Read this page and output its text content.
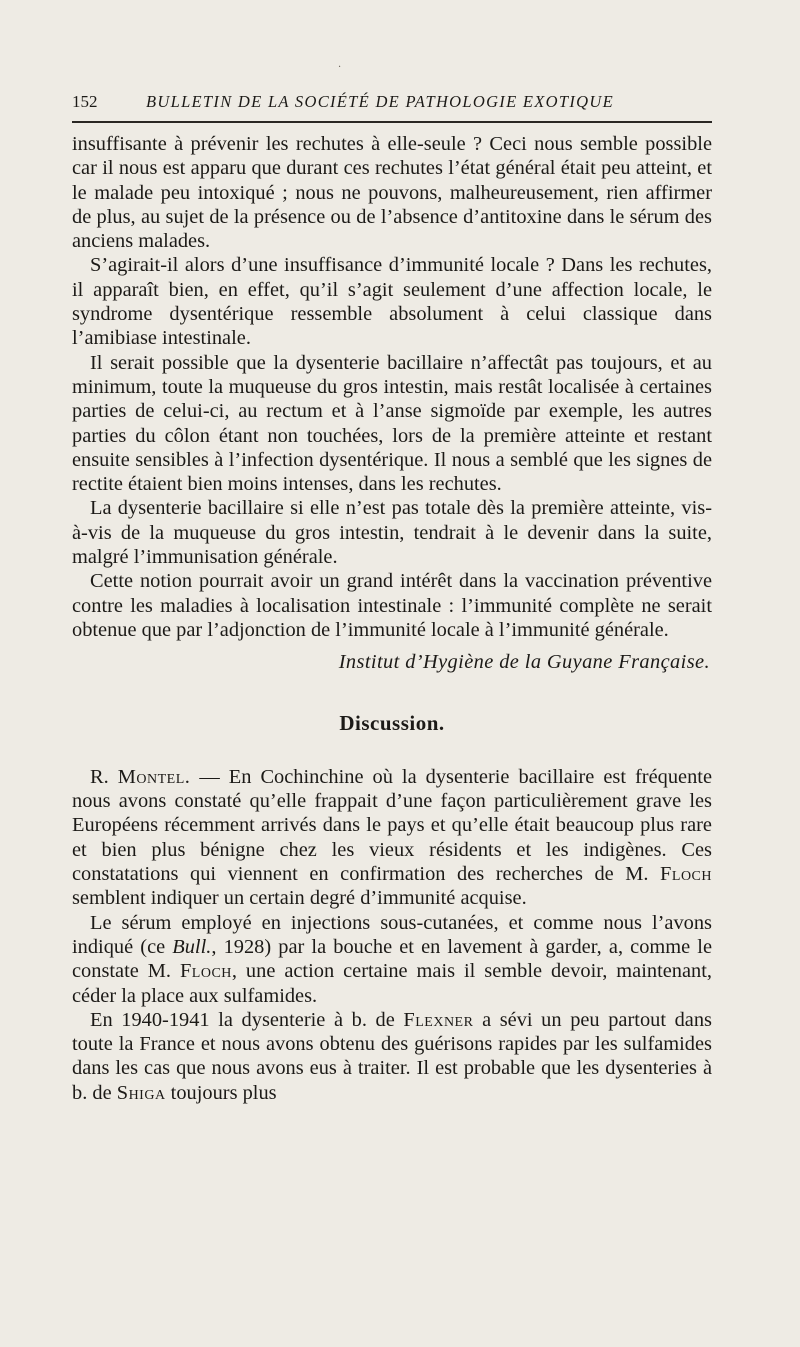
·
152	BULLETIN DE LA SOCIÉTÉ DE PATHOLOGIE EXOTIQUE

insuffisante à prévenir les rechutes à elle-seule ? Ceci nous semble possible car il nous est apparu que durant ces rechutes l’état général était peu atteint, et le malade peu intoxiqué ; nous ne pouvons, malheureusement, rien affirmer de plus, au sujet de la présence ou de l’absence d’antitoxine dans le sérum des anciens malades.

S’agirait-il alors d’une insuffisance d’immunité locale ? Dans les rechutes, il apparaît bien, en effet, qu’il s’agit seulement d’une affection locale, le syndrome dysentérique ressemble absolument à celui classique dans l’amibiase intestinale.

Il serait possible que la dysenterie bacillaire n’affectât pas toujours, et au minimum, toute la muqueuse du gros intestin, mais restât localisée à certaines parties de celui-ci, au rectum et à l’anse sigmoïde par exemple, les autres parties du côlon étant non touchées, lors de la première atteinte et restant ensuite sensibles à l’infection dysentérique. Il nous a semblé que les signes de rectite étaient bien moins intenses, dans les rechutes.

La dysenterie bacillaire si elle n’est pas totale dès la première atteinte, vis-à-vis de la muqueuse du gros intestin, tendrait à le devenir dans la suite, malgré l’immunisation générale.

Cette notion pourrait avoir un grand intérêt dans la vaccination préventive contre les maladies à localisation intestinale : l’immunité complète ne serait obtenue que par l’adjonction de l’immunité locale à l’immunité générale.

Institut d’Hygiène de la Guyane Française.

Discussion.

R. Montel. — En Cochinchine où la dysenterie bacillaire est fréquente nous avons constaté qu’elle frappait d’une façon particulièrement grave les Européens récemment arrivés dans le pays et qu’elle était beaucoup plus rare et bien plus bénigne chez les vieux résidents et les indigènes. Ces constatations qui viennent en confirmation des recherches de M. Floch semblent indiquer un certain degré d’immunité acquise.

Le sérum employé en injections sous-cutanées, et comme nous l’avons indiqué (ce Bull., 1928) par la bouche et en lavement à garder, a, comme le constate M. Floch, une action certaine mais il semble devoir, maintenant, céder la place aux sulfamides.

En 1940-1941 la dysenterie à b. de Flexner a sévi un peu partout dans toute la France et nous avons obtenu des guérisons rapides par les sulfamides dans les cas que nous avons eus à traiter. Il est probable que les dysenteries à b. de Shiga toujours plus
